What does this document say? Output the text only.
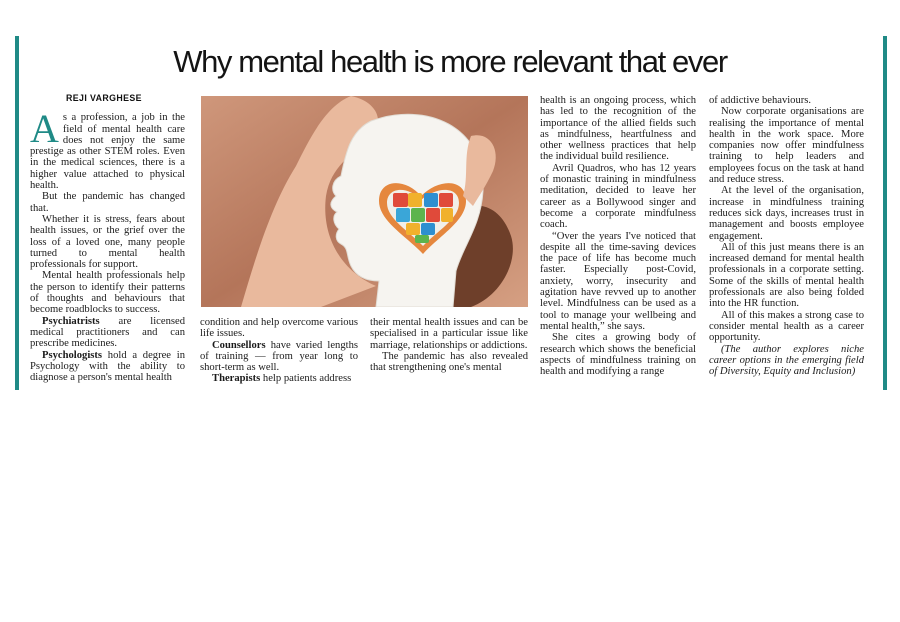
Why mental health is more relevant that ever
REJI VARGHESE

As a profession, a job in the field of mental health care does not enjoy the same prestige as other STEM roles. Even in the medical sciences, there is a higher value attached to physical health.

But the pandemic has changed that.

Whether it is stress, fears about health issues, or the grief over the loss of a loved one, many people turned to mental health professionals for support.

Mental health professionals help the person to identify their patterns of thoughts and behaviours that become roadblocks to success.

Psychiatrists are licensed medical practitioners and can prescribe medicines.

Psychologists hold a degree in Psychology with the ability to diagnose a person's mental health

condition and help overcome various life issues.

Counsellors have varied lengths of training — from year long to short-term as well.

Therapists help patients address

their mental health issues and can be specialised in a particular issue like marriage, relationships or addictions.

The pandemic has also revealed that strengthening one's mental

health is an ongoing process, which has led to the recognition of the importance of the allied fields such as mindfulness, heartfulness and other wellness practices that help the individual build resilience.

Avril Quadros, who has 12 years of monastic training in mindfulness meditation, decided to leave her career as a Bollywood singer and become a corporate mindfulness coach.

“Over the years I've noticed that despite all the time-saving devices the pace of life has become much faster. Especially post-Covid, anxiety, worry, insecurity and agitation have revved up to another level. Mindfulness can be used as a tool to manage your wellbeing and mental health,” she says.

She cites a growing body of research which shows the beneficial aspects of mindfulness training on health and modifying a range

of addictive behaviours.

Now corporate organisations are realising the importance of mental health in the work space. More companies now offer mindfulness training to help leaders and employees focus on the task at hand and reduce stress.

At the level of the organisation, increase in mindfulness training reduces sick days, increases trust in management and boosts employee engagement.

All of this just means there is an increased demand for mental health professionals in a corporate setting. Some of the skills of mental health professionals are also being folded into the HR function.

All of this makes a strong case to consider mental health as a career opportunity.

(The author explores niche career options in the emerging field of Diversity, Equity and Inclusion)
